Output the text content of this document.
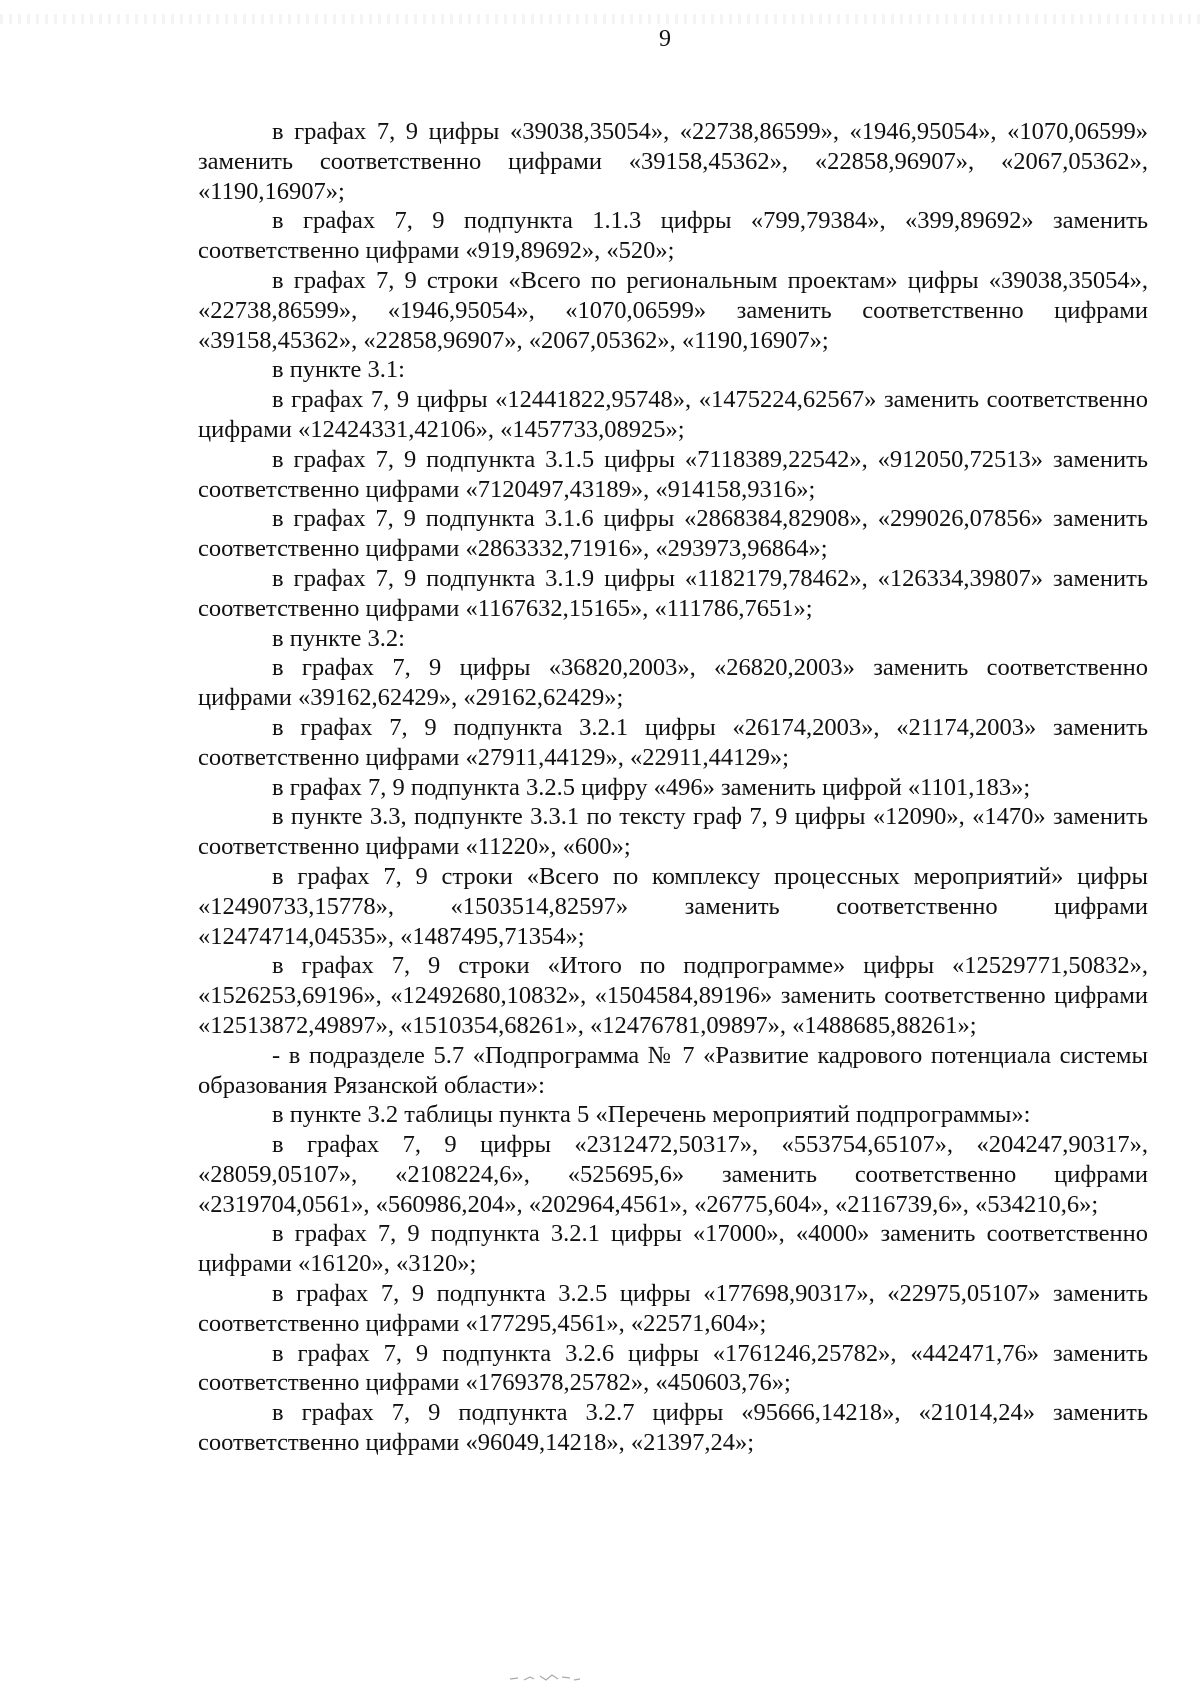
9

в графах 7, 9 цифры «39038,35054», «22738,86599», «1946,95054», «1070,06599» заменить соответственно цифрами «39158,45362», «22858,96907», «2067,05362», «1190,16907»;

в графах 7, 9 подпункта 1.1.3 цифры «799,79384», «399,89692» заменить соответственно цифрами «919,89692», «520»;

в графах 7, 9 строки «Всего по региональным проектам» цифры «39038,35054», «22738,86599», «1946,95054», «1070,06599» заменить соответственно цифрами «39158,45362», «22858,96907», «2067,05362», «1190,16907»;

в пункте 3.1:

в графах 7, 9 цифры «12441822,95748», «1475224,62567» заменить соответственно цифрами «12424331,42106», «1457733,08925»;

в графах 7, 9 подпункта 3.1.5 цифры «7118389,22542», «912050,72513» заменить соответственно цифрами «7120497,43189», «914158,9316»;

в графах 7, 9 подпункта 3.1.6 цифры «2868384,82908», «299026,07856» заменить соответственно цифрами «2863332,71916», «293973,96864»;

в графах 7, 9 подпункта 3.1.9 цифры «1182179,78462», «126334,39807» заменить соответственно цифрами «1167632,15165», «111786,7651»;

в пункте 3.2:

в графах 7, 9 цифры «36820,2003», «26820,2003» заменить соответственно цифрами «39162,62429», «29162,62429»;

в графах 7, 9 подпункта 3.2.1 цифры «26174,2003», «21174,2003» заменить соответственно цифрами «27911,44129», «22911,44129»;

в графах 7, 9 подпункта 3.2.5 цифру «496» заменить цифрой «1101,183»;

в пункте 3.3, подпункте 3.3.1 по тексту граф 7, 9 цифры «12090», «1470» заменить соответственно цифрами «11220», «600»;

в графах 7, 9 строки «Всего по комплексу процессных мероприятий» цифры «12490733,15778», «1503514,82597» заменить соответственно цифрами «12474714,04535», «1487495,71354»;

в графах 7, 9 строки «Итого по подпрограмме» цифры «12529771,50832», «1526253,69196», «12492680,10832», «1504584,89196» заменить соответственно цифрами «12513872,49897», «1510354,68261», «12476781,09897», «1488685,88261»;

- в подразделе 5.7 «Подпрограмма № 7 «Развитие кадрового потенциала системы образования Рязанской области»:

в пункте 3.2 таблицы пункта 5 «Перечень мероприятий подпрограммы»:

в графах 7, 9 цифры «2312472,50317», «553754,65107», «204247,90317», «28059,05107», «2108224,6», «525695,6» заменить соответственно цифрами «2319704,0561», «560986,204», «202964,4561», «26775,604», «2116739,6», «534210,6»;

в графах 7, 9 подпункта 3.2.1 цифры «17000», «4000» заменить соответственно цифрами «16120», «3120»;

в графах 7, 9 подпункта 3.2.5 цифры «177698,90317», «22975,05107» заменить соответственно цифрами «177295,4561», «22571,604»;

в графах 7, 9 подпункта 3.2.6 цифры «1761246,25782», «442471,76» заменить соответственно цифрами «1769378,25782», «450603,76»;

в графах 7, 9 подпункта 3.2.7 цифры «95666,14218», «21014,24» заменить соответственно цифрами «96049,14218», «21397,24»;
